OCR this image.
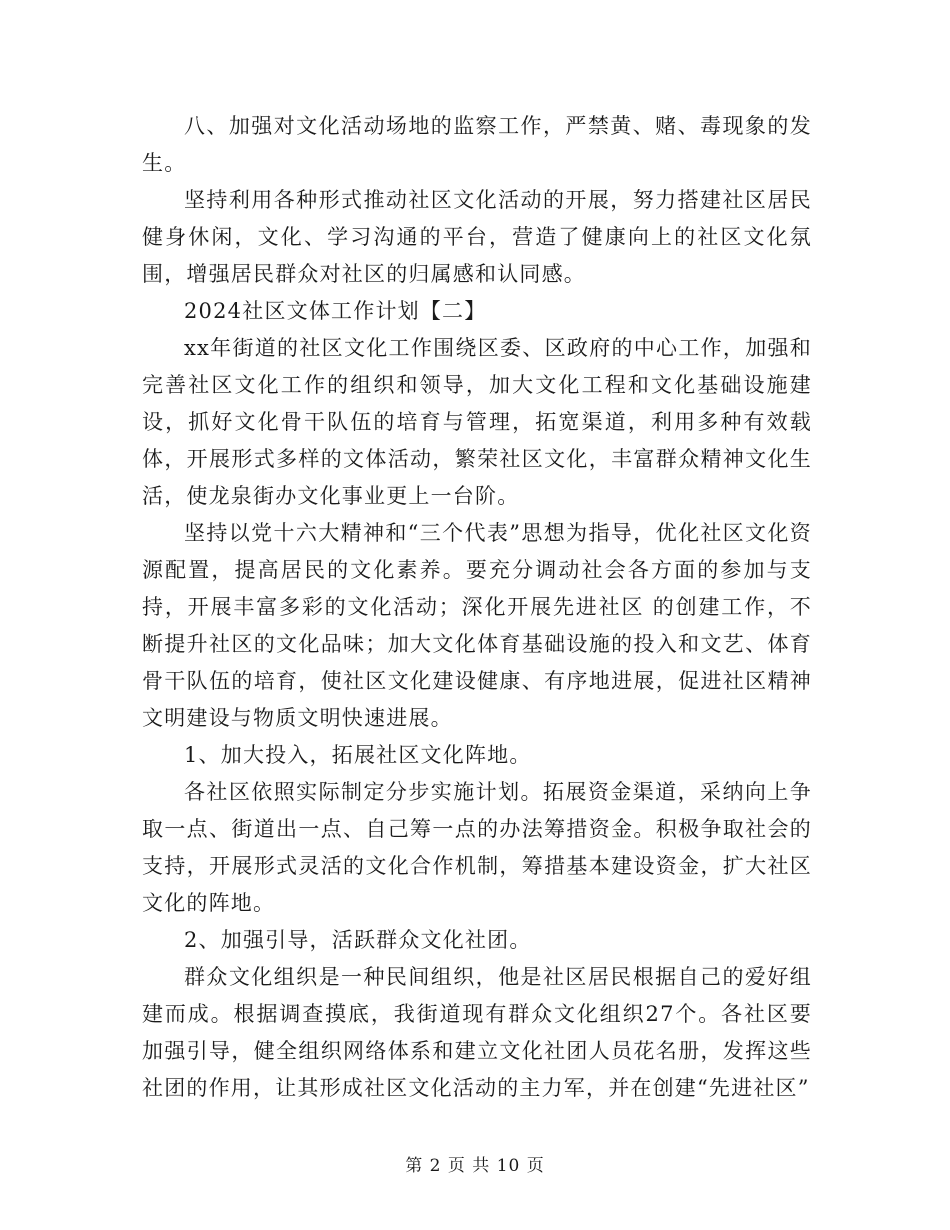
八、加强对文化活动场地的监察工作，严禁黄、赌、毒现象的发生。

坚持利用各种形式推动社区文化活动的开展，努力搭建社区居民健身休闲，文化、学习沟通的平台，营造了健康向上的社区文化氛围，增强居民群众对社区的归属感和认同感。

2024社区文体工作计划【二】

xx年街道的社区文化工作围绕区委、区政府的中心工作，加强和完善社区文化工作的组织和领导，加大文化工程和文化基础设施建设，抓好文化骨干队伍的培育与管理，拓宽渠道，利用多种有效载体，开展形式多样的文体活动，繁荣社区文化，丰富群众精神文化生活，使龙泉街办文化事业更上一台阶。

坚持以党十六大精神和“三个代表”思想为指导，优化社区文化资源配置，提高居民的文化素养。要充分调动社会各方面的参加与支持，开展丰富多彩的文化活动；深化开展先进社区 的创建工作，不断提升社区的文化品味；加大文化体育基础设施的投入和文艺、体育骨干队伍的培育，使社区文化建设健康、有序地进展，促进社区精神文明建设与物质文明快速进展。

1、加大投入，拓展社区文化阵地。

各社区依照实际制定分步实施计划。拓展资金渠道，采纳向上争取一点、街道出一点、自己筹一点的办法筹措资金。积极争取社会的支持，开展形式灵活的文化合作机制，筹措基本建设资金，扩大社区文化的阵地。

2、加强引导，活跃群众文化社团。

群众文化组织是一种民间组织，他是社区居民根据自己的爱好组建而成。根据调查摸底，我街道现有群众文化组织27个。各社区要加强引导，健全组织网络体系和建立文化社团人员花名册，发挥这些社团的作用，让其形成社区文化活动的主力军，并在创建“先进社区”

第 2 页 共 10 页
